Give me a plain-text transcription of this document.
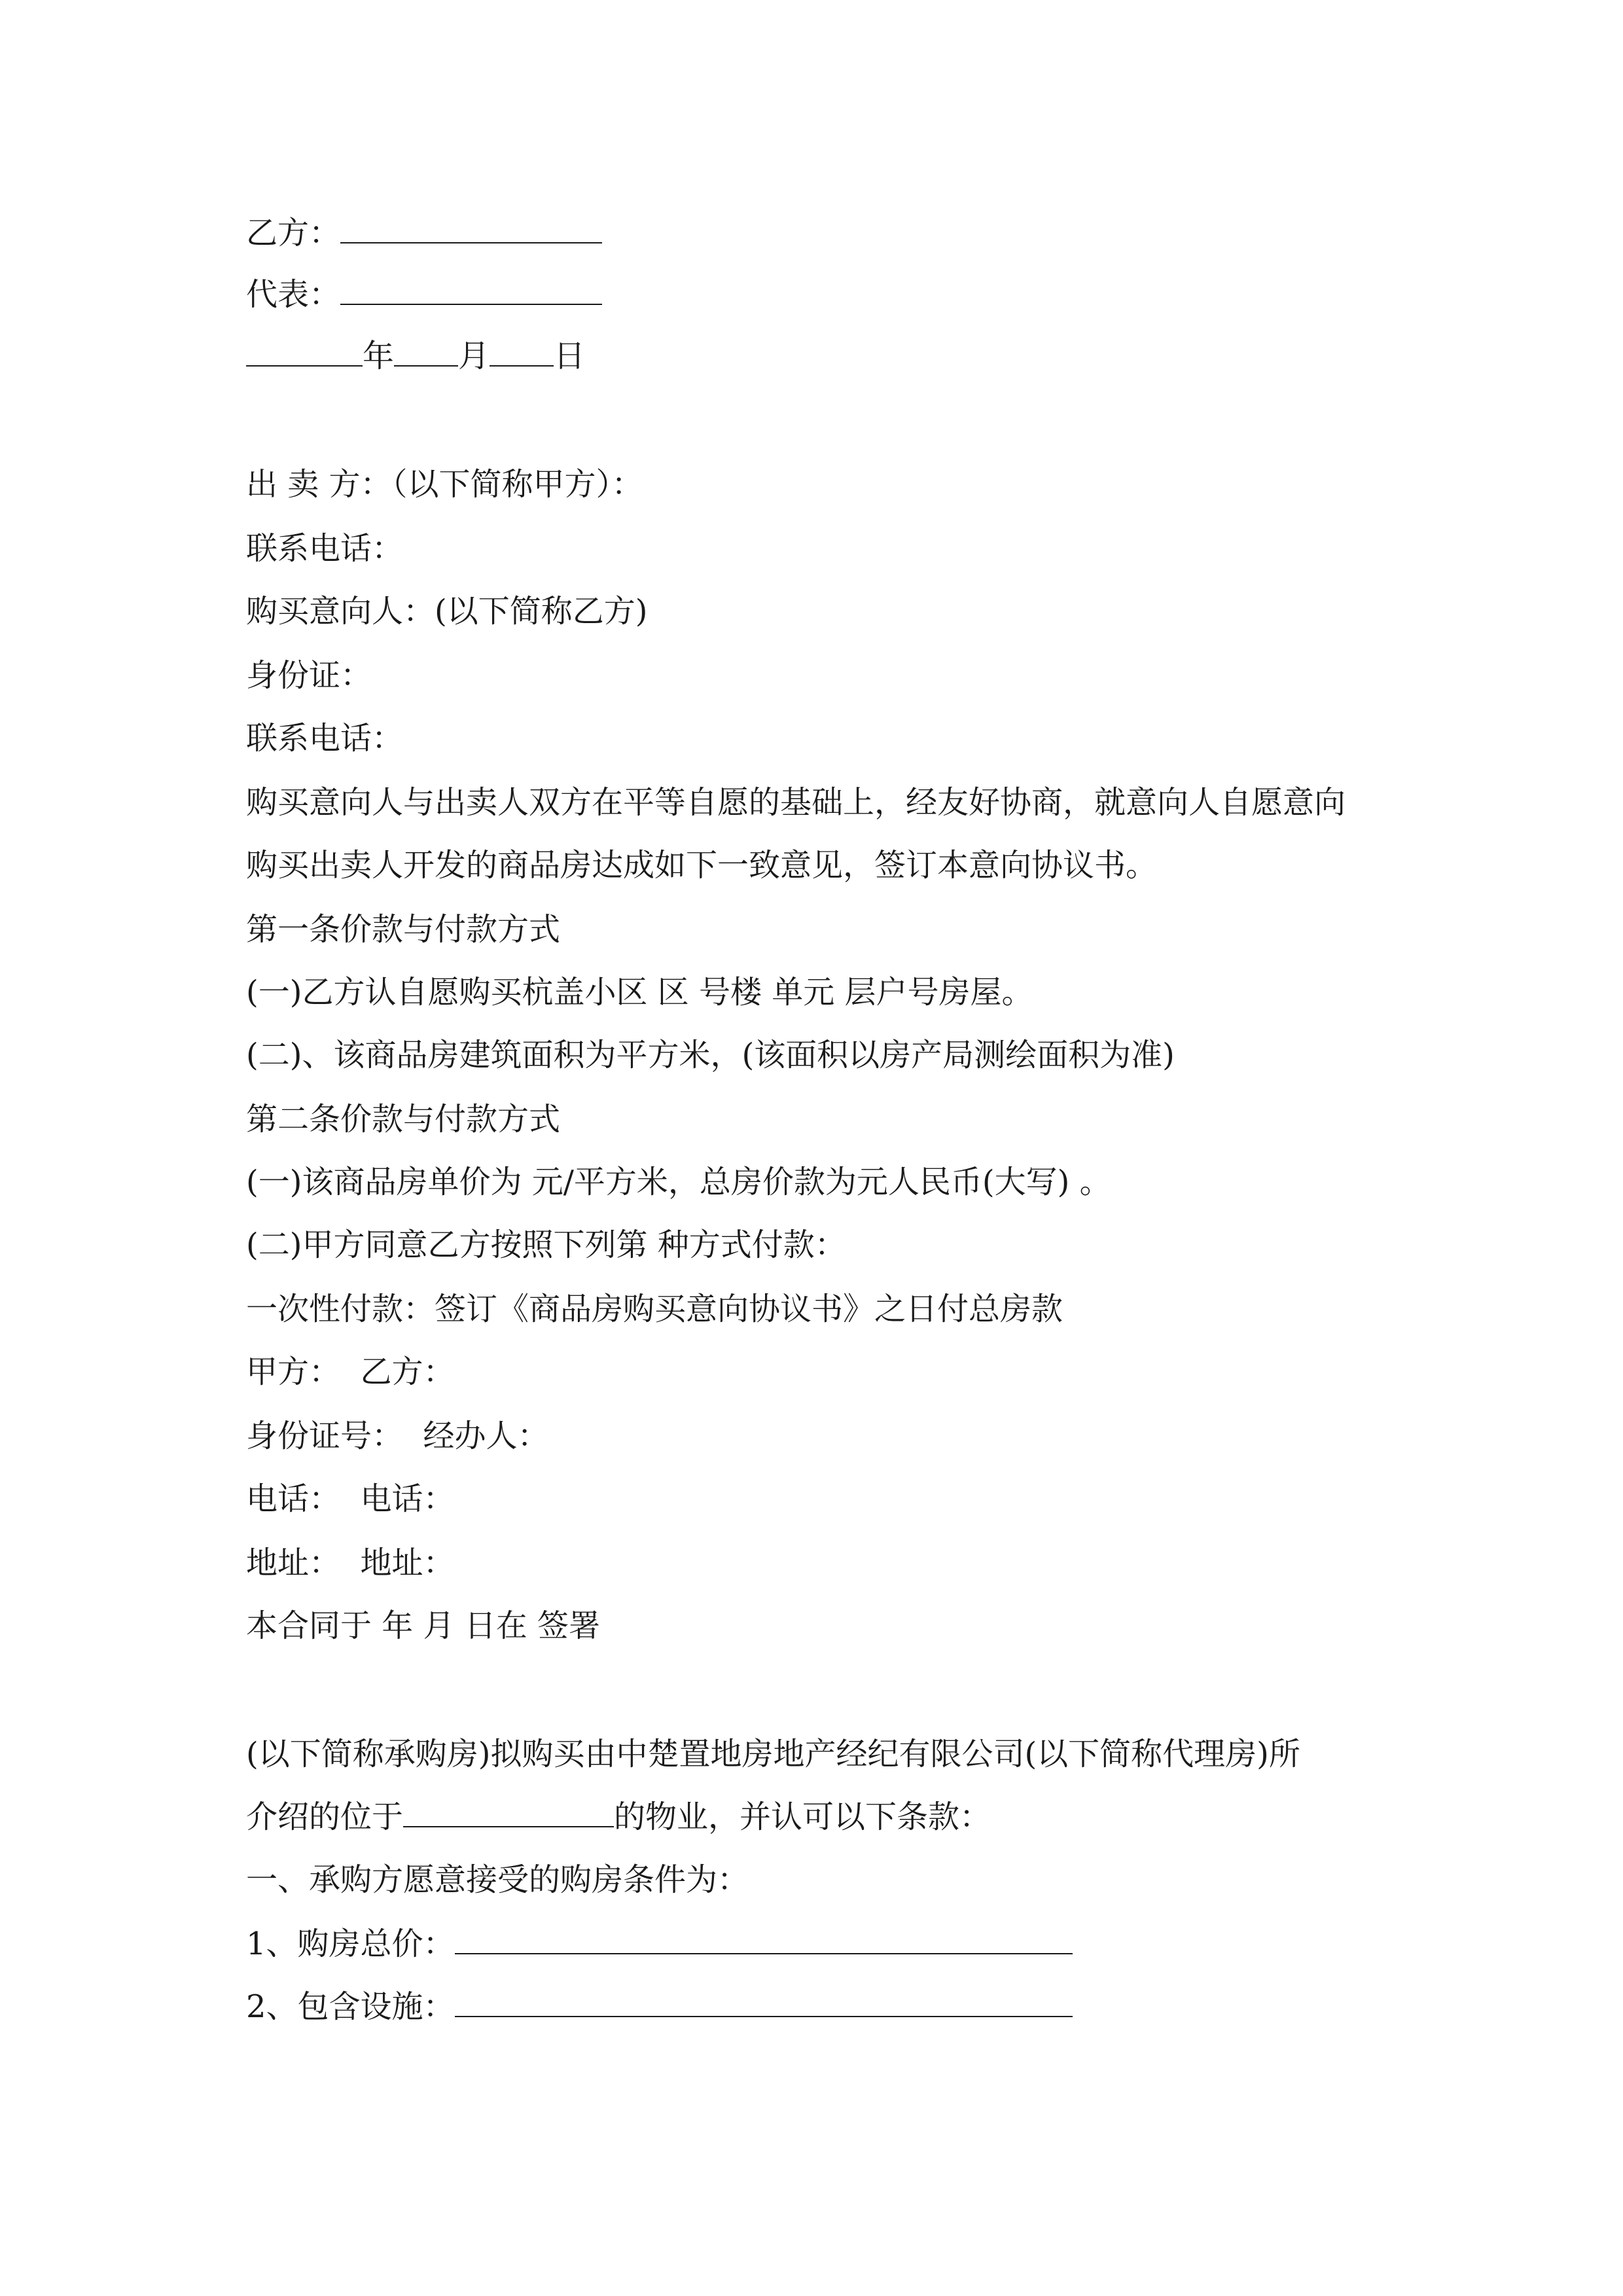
乙方：
代表：
年 月 日
出 卖 方：（以下简称甲方）：
联系电话：
购买意向人：(以下简称乙方)
身份证：
联系电话：
购买意向人与出卖人双方在平等自愿的基础上，经友好协商，就意向人自愿意向
购买出卖人开发的商品房达成如下一致意见，签订本意向协议书。
第一条价款与付款方式
(一)乙方认自愿购买杭盖小区 区 号楼 单元 层户号房屋。
(二)、该商品房建筑面积为平方米，(该面积以房产局测绘面积为准)
第二条价款与付款方式
(一)该商品房单价为 元/平方米，总房价款为元人民币(大写) 。
(二)甲方同意乙方按照下列第 种方式付款：
一次性付款：签订《商品房购买意向协议书》之日付总房款
甲方：  乙方：
身份证号：  经办人：
电话：  电话：
地址：  地址：
本合同于 年 月 日在 签署
(以下简称承购房)拟购买由中楚置地房地产经纪有限公司(以下简称代理房)所
介绍的位于	的物业，并认可以下条款：
一、承购方愿意接受的购房条件为：
1、购房总价：
2、包含设施：
